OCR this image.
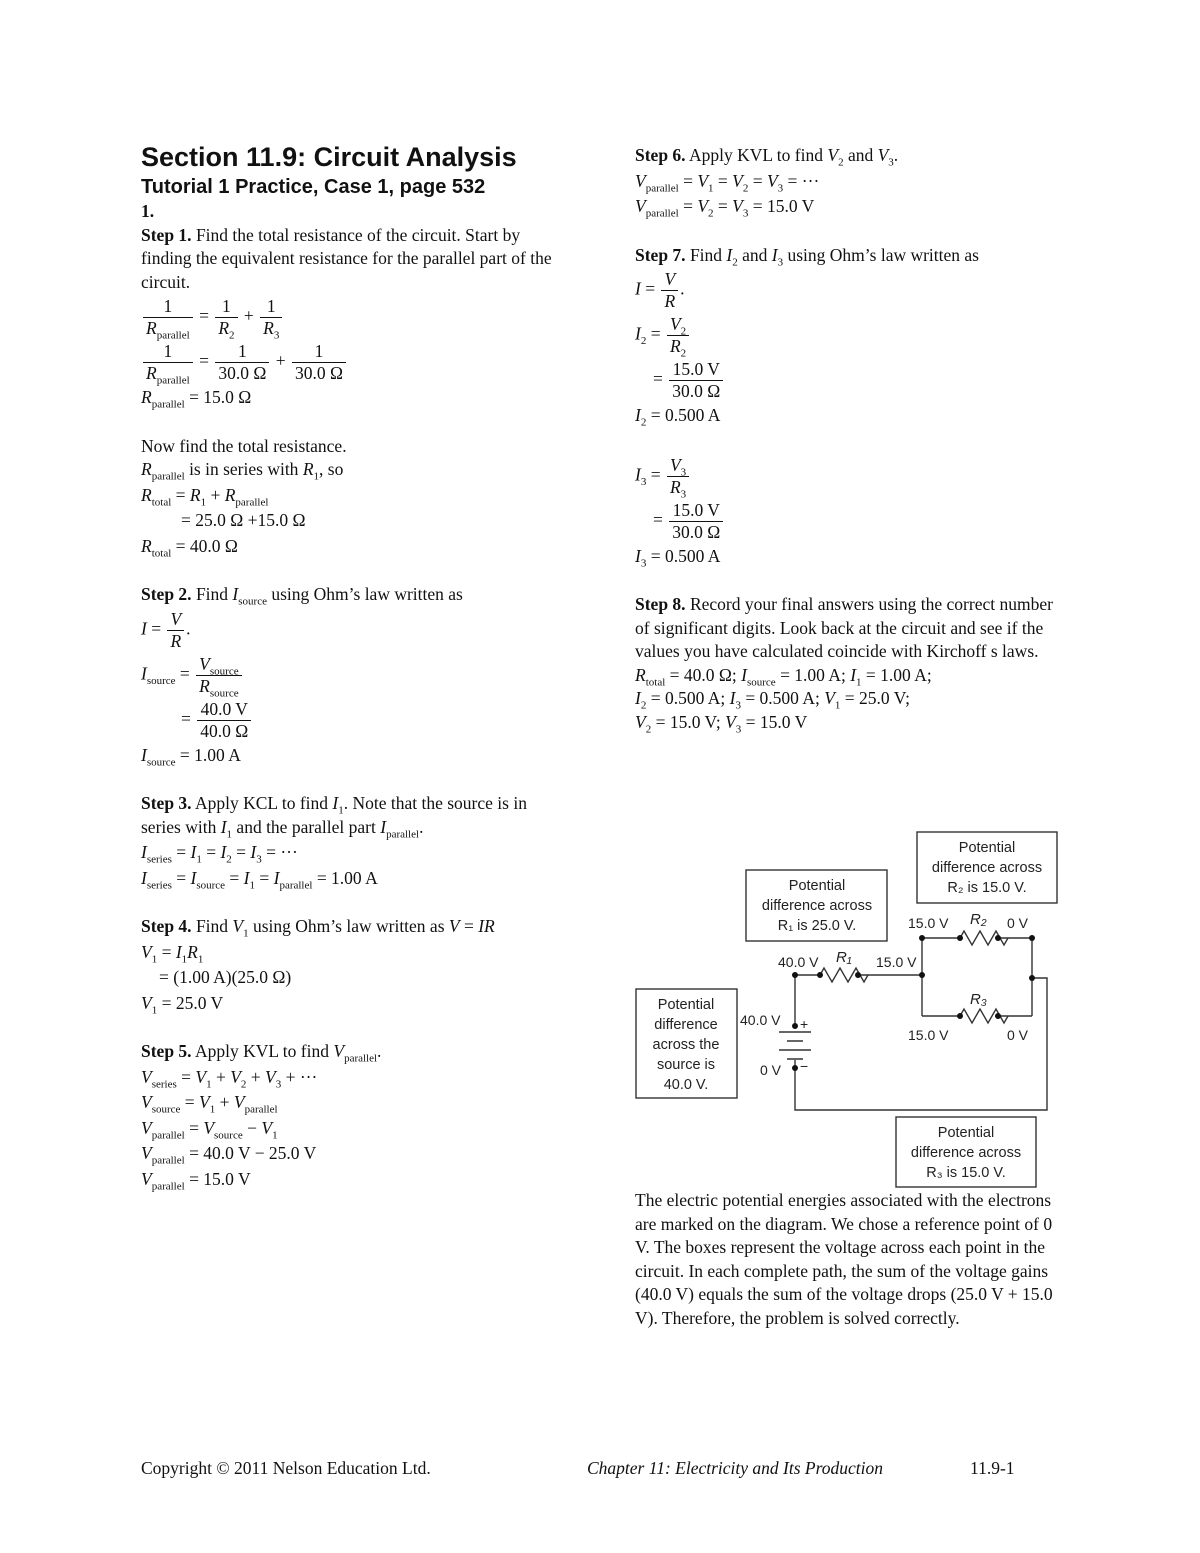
Section 11.9: Circuit Analysis
Tutorial 1 Practice, Case 1, page 532
1.
Step 1. Find the total resistance of the circuit. Start by finding the equivalent resistance for the parallel part of the circuit.
$\frac{1}{R_{parallel}} = \frac{1}{R_2} + \frac{1}{R_3}$
$\frac{1}{R_{parallel}} = \frac{1}{30.0 \Omega} + \frac{1}{30.0 \Omega}$
$R_{parallel} = 15.0$ Ω
Now find the total resistance.
$R_{parallel}$ is in series with $R_1$, so
$R_{total} = R_1 + R_{parallel}$
= 25.0 Ω +15.0 Ω
$R_{total} = 40.0$ Ω
Step 2. Find $I_{source}$ using Ohm’s law written as
$I = \frac{V}{R}$ .
$I_{source} = \frac{V_{source}}{R_{source}}$
= $\frac{40.0 V}{40.0 \Omega}$
$I_{source} = 1.00$ A
Step 3. Apply KCL to find $I_1$. Note that the source is in series with $I_1$ and the parallel part $I_{parallel}$.
$I_{series} = I_1 = I_2 = I_3$ = ···
$I_{series} = I_{source} = I_1 = I_{parallel} = 1.00$ A
Step 4. Find $V_1$ using Ohm’s law written as V = IR
$V_1 = I_1R_1$
= (1.00 A)(25.0 Ω)
$V_1 = 25.0$ V
Step 5. Apply KVL to find $V_{parallel}$.
$V_{series} = V_1 + V_2 + V_3$ + ···
$V_{source} = V_1 + V_{parallel}$
$V_{parallel} = V_{source} - V_1$
$V_{parallel} = 40.0$ V − 25.0 V
$V_{parallel} = 15.0$ V
Step 6. Apply KVL to find $V_2$ and $V_3$.
$V_{parallel} = V_1 = V_2 = V_3$ = ···
$V_{parallel} = V_2 = V_3 = 15.0$ V
Step 7. Find $I_2$ and $I_3$ using Ohm’s law written as
$I = \frac{V}{R}$ .
$I_2 = \frac{V_2}{R_2}$
= $\frac{15.0 V}{30.0 \Omega}$
$I_2 = 0.500$ A
$I_3 = \frac{V_3}{R_3}$
= $\frac{15.0 V}{30.0 \Omega}$
$I_3 = 0.500$ A
Step 8. Record your final answers using the correct number of significant digits. Look back at the circuit and see if the values you have calculated coincide with Kirchoff s laws.
$R_{total} = 40.0$ Ω; $I_{source} = 1.00$ A; $I_1 = 1.00$ A;
$I_2 = 0.500$ A; $I_3 = 0.500$ A; $V_1 = 25.0$ V;
$V_2 = 15.0$ V; $V_3 = 15.0$ V
Potential
difference across
R₂ is 15.0 V.
Potential
difference across
R₁ is 25.0 V.
Potential
difference
across the
source is
40.0 V.
Potential
difference across
R₃ is 15.0 V.
40.0 V	15.0 V
15.0 V	0 V
15.0 V	0 V
40.0 V
0 V
+
−
R₁
R₂
R₃
The electric potential energies associated with the electrons are marked on the diagram. We chose a reference point of 0 V. The boxes represent the voltage across each point in the circuit. In each complete path, the sum of the voltage gains (40.0 V) equals the sum of the voltage drops (25.0 V + 15.0 V). Therefore, the problem is solved correctly.
Copyright © 2011 Nelson Education Ltd.	Chapter 11: Electricity and Its Production	11.9-1
